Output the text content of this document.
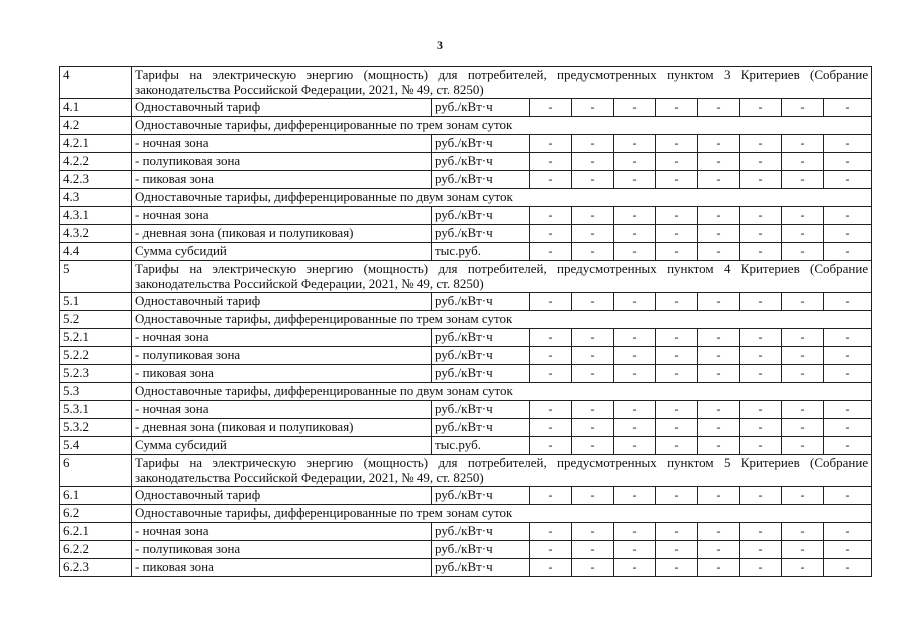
3
4	Тарифы на электрическую энергию (мощность) для потребителей, предусмотренных пунктом 3 Критериев (Собрание законодательства Российской Федерации, 2021, № 49, ст. 8250)									
4.1	Одноставочный тариф	руб./кВт·ч	-	-	-	-	-	-	-	-
4.2	Одноставочные тарифы, дифференцированные по трем зонам суток									
4.2.1	- ночная зона	руб./кВт·ч	-	-	-	-	-	-	-	-
4.2.2	- полупиковая зона	руб./кВт·ч	-	-	-	-	-	-	-	-
4.2.3	- пиковая зона	руб./кВт·ч	-	-	-	-	-	-	-	-
4.3	Одноставочные тарифы, дифференцированные по двум зонам суток									
4.3.1	- ночная зона	руб./кВт·ч	-	-	-	-	-	-	-	-
4.3.2	- дневная зона (пиковая и полупиковая)	руб./кВт·ч	-	-	-	-	-	-	-	-
4.4	Сумма субсидий	тыс.руб.	-	-	-	-	-	-	-	-
5	Тарифы на электрическую энергию (мощность) для потребителей, предусмотренных пунктом 4 Критериев (Собрание законодательства Российской Федерации, 2021, № 49, ст. 8250)									
5.1	Одноставочный тариф	руб./кВт·ч	-	-	-	-	-	-	-	-
5.2	Одноставочные тарифы, дифференцированные по трем зонам суток									
5.2.1	- ночная зона	руб./кВт·ч	-	-	-	-	-	-	-	-
5.2.2	- полупиковая зона	руб./кВт·ч	-	-	-	-	-	-	-	-
5.2.3	- пиковая зона	руб./кВт·ч	-	-	-	-	-	-	-	-
5.3	Одноставочные тарифы, дифференцированные по двум зонам суток									
5.3.1	- ночная зона	руб./кВт·ч	-	-	-	-	-	-	-	-
5.3.2	- дневная зона (пиковая и полупиковая)	руб./кВт·ч	-	-	-	-	-	-	-	-
5.4	Сумма субсидий	тыс.руб.	-	-	-	-	-	-	-	-
6	Тарифы на электрическую энергию (мощность) для потребителей, предусмотренных пунктом 5 Критериев (Собрание законодательства Российской Федерации, 2021, № 49, ст. 8250)									
6.1	Одноставочный тариф	руб./кВт·ч	-	-	-	-	-	-	-	-
6.2	Одноставочные тарифы, дифференцированные по трем зонам суток									
6.2.1	- ночная зона	руб./кВт·ч	-	-	-	-	-	-	-	-
6.2.2	- полупиковая зона	руб./кВт·ч	-	-	-	-	-	-	-	-
6.2.3	- пиковая зона	руб./кВт·ч	-	-	-	-	-	-	-	-
